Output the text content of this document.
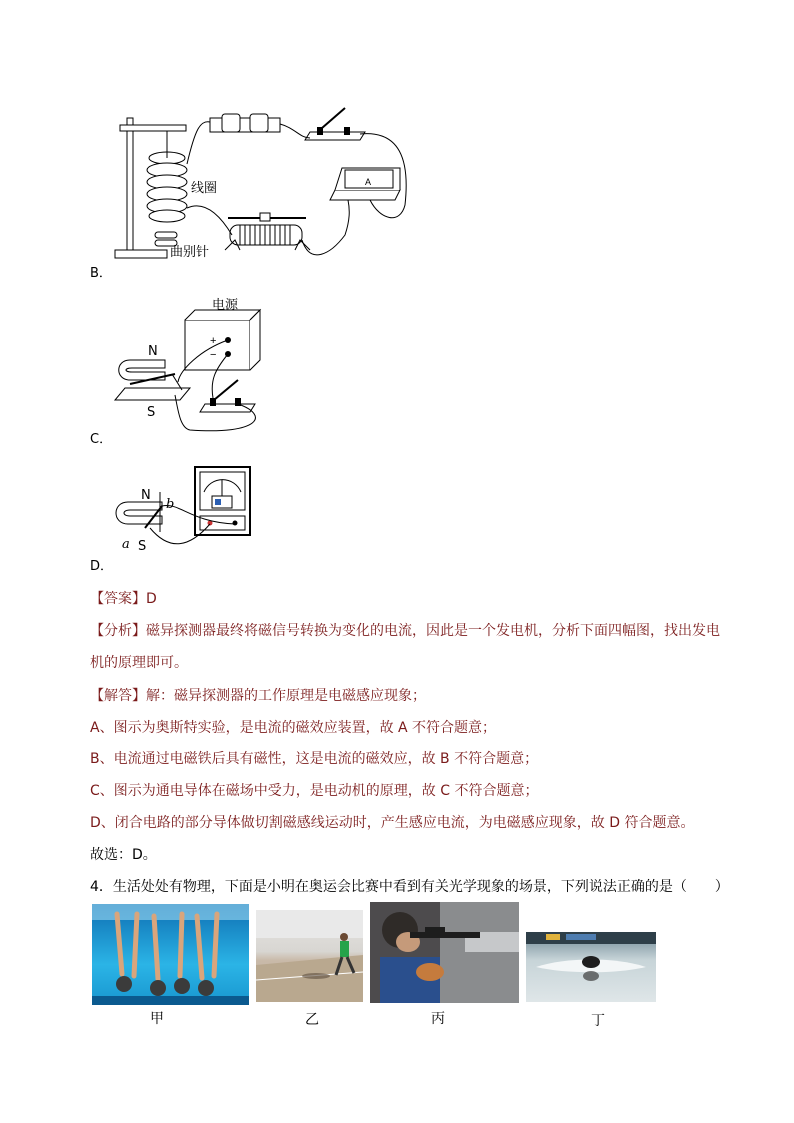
A
线圈
曲别针
B．
+
−
电源
N
S
C．
N
b
a S
D．
【答案】D
【分析】磁异探测器最终将磁信号转换为变化的电流，因此是一个发电机，分析下面四幅图，找出发电
机的原理即可。
【解答】解：磁异探测器的工作原理是电磁感应现象；
A、图示为奥斯特实验，是电流的磁效应装置，故 A 不符合题意；
B、电流通过电磁铁后具有磁性，这是电流的磁效应，故 B 不符合题意；
C、图示为通电导体在磁场中受力，是电动机的原理，故 C 不符合题意；
D、闭合电路的部分导体做切割磁感线运动时，产生感应电流，为电磁感应现象，故 D 符合题意。
故选：D。
4．生活处处有物理，下面是小明在奥运会比赛中看到有关光学现象的场景，下列说法正确的是（　　）
甲	乙	丙	丁
